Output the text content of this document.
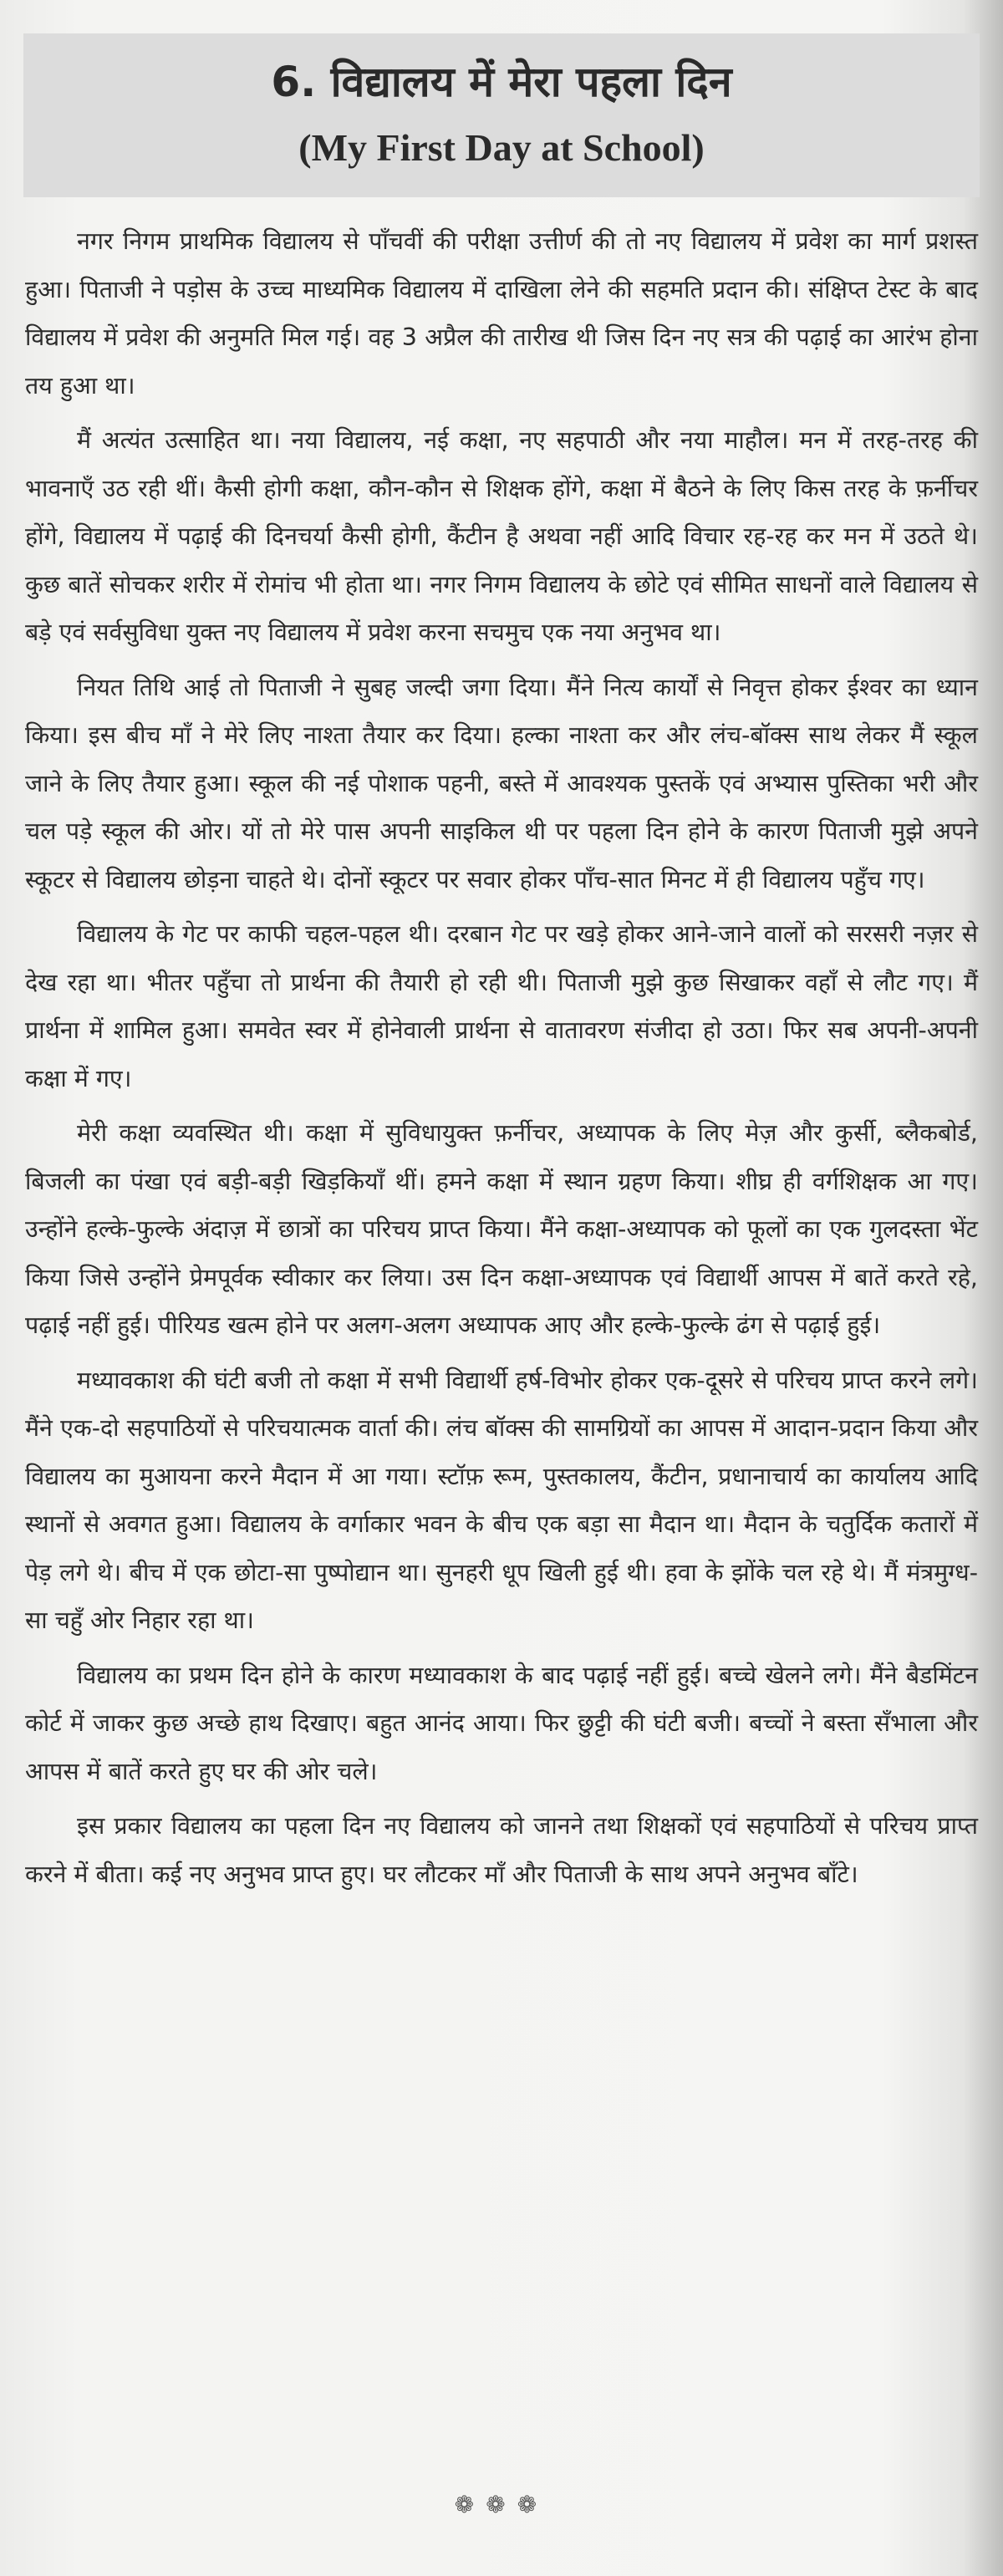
6. विद्यालय में मेरा पहला दिन
(My First Day at School)

नगर निगम प्राथमिक विद्यालय से पाँचवीं की परीक्षा उत्तीर्ण की तो नए विद्यालय में प्रवेश का मार्ग प्रशस्त हुआ। पिताजी ने पड़ोस के उच्च माध्यमिक विद्यालय में दाखिला लेने की सहमति प्रदान की। संक्षिप्त टेस्ट के बाद विद्यालय में प्रवेश की अनुमति मिल गई। वह 3 अप्रैल की तारीख थी जिस दिन नए सत्र की पढ़ाई का आरंभ होना तय हुआ था।

मैं अत्यंत उत्साहित था। नया विद्यालय, नई कक्षा, नए सहपाठी और नया माहौल। मन में तरह-तरह की भावनाएँ उठ रही थीं। कैसी होगी कक्षा, कौन-कौन से शिक्षक होंगे, कक्षा में बैठने के लिए किस तरह के फ़र्नीचर होंगे, विद्यालय में पढ़ाई की दिनचर्या कैसी होगी, कैंटीन है अथवा नहीं आदि विचार रह-रह कर मन में उठते थे। कुछ बातें सोचकर शरीर में रोमांच भी होता था। नगर निगम विद्यालय के छोटे एवं सीमित साधनों वाले विद्यालय से बड़े एवं सर्वसुविधा युक्त नए विद्यालय में प्रवेश करना सचमुच एक नया अनुभव था।

नियत तिथि आई तो पिताजी ने सुबह जल्दी जगा दिया। मैंने नित्य कार्यों से निवृत्त होकर ईश्वर का ध्यान किया। इस बीच माँ ने मेरे लिए नाश्ता तैयार कर दिया। हल्का नाश्ता कर और लंच-बॉक्स साथ लेकर मैं स्कूल जाने के लिए तैयार हुआ। स्कूल की नई पोशाक पहनी, बस्ते में आवश्यक पुस्तकें एवं अभ्यास पुस्तिका भरी और चल पड़े स्कूल की ओर। यों तो मेरे पास अपनी साइकिल थी पर पहला दिन होने के कारण पिताजी मुझे अपने स्कूटर से विद्यालय छोड़ना चाहते थे। दोनों स्कूटर पर सवार होकर पाँच-सात मिनट में ही विद्यालय पहुँच गए।

विद्यालय के गेट पर काफी चहल-पहल थी। दरबान गेट पर खड़े होकर आने-जाने वालों को सरसरी नज़र से देख रहा था। भीतर पहुँचा तो प्रार्थना की तैयारी हो रही थी। पिताजी मुझे कुछ सिखाकर वहाँ से लौट गए। मैं प्रार्थना में शामिल हुआ। समवेत स्वर में होनेवाली प्रार्थना से वातावरण संजीदा हो उठा। फिर सब अपनी-अपनी कक्षा में गए।

मेरी कक्षा व्यवस्थित थी। कक्षा में सुविधायुक्त फ़र्नीचर, अध्यापक के लिए मेज़ और कुर्सी, ब्लैकबोर्ड, बिजली का पंखा एवं बड़ी-बड़ी खिड़कियाँ थीं। हमने कक्षा में स्थान ग्रहण किया। शीघ्र ही वर्गशिक्षक आ गए। उन्होंने हल्के-फुल्के अंदाज़ में छात्रों का परिचय प्राप्त किया। मैंने कक्षा-अध्यापक को फूलों का एक गुलदस्ता भेंट किया जिसे उन्होंने प्रेमपूर्वक स्वीकार कर लिया। उस दिन कक्षा-अध्यापक एवं विद्यार्थी आपस में बातें करते रहे, पढ़ाई नहीं हुई। पीरियड खत्म होने पर अलग-अलग अध्यापक आए और हल्के-फुल्के ढंग से पढ़ाई हुई।

मध्यावकाश की घंटी बजी तो कक्षा में सभी विद्यार्थी हर्ष-विभोर होकर एक-दूसरे से परिचय प्राप्त करने लगे। मैंने एक-दो सहपाठियों से परिचयात्मक वार्ता की। लंच बॉक्स की सामग्रियों का आपस में आदान-प्रदान किया और विद्यालय का मुआयना करने मैदान में आ गया। स्टॉफ़ रूम, पुस्तकालय, कैंटीन, प्रधानाचार्य का कार्यालय आदि स्थानों से अवगत हुआ। विद्यालय के वर्गाकार भवन के बीच एक बड़ा सा मैदान था। मैदान के चतुर्दिक कतारों में पेड़ लगे थे। बीच में एक छोटा-सा पुष्पोद्यान था। सुनहरी धूप खिली हुई थी। हवा के झोंके चल रहे थे। मैं मंत्रमुग्ध-सा चहुँ ओर निहार रहा था।

विद्यालय का प्रथम दिन होने के कारण मध्यावकाश के बाद पढ़ाई नहीं हुई। बच्चे खेलने लगे। मैंने बैडमिंटन कोर्ट में जाकर कुछ अच्छे हाथ दिखाए। बहुत आनंद आया। फिर छुट्टी की घंटी बजी। बच्चों ने बस्ता सँभाला और आपस में बातें करते हुए घर की ओर चले।

इस प्रकार विद्यालय का पहला दिन नए विद्यालय को जानने तथा शिक्षकों एवं सहपाठियों से परिचय प्राप्त करने में बीता। कई नए अनुभव प्राप्त हुए। घर लौटकर माँ और पिताजी के साथ अपने अनुभव बाँटे।

❁❁❁
